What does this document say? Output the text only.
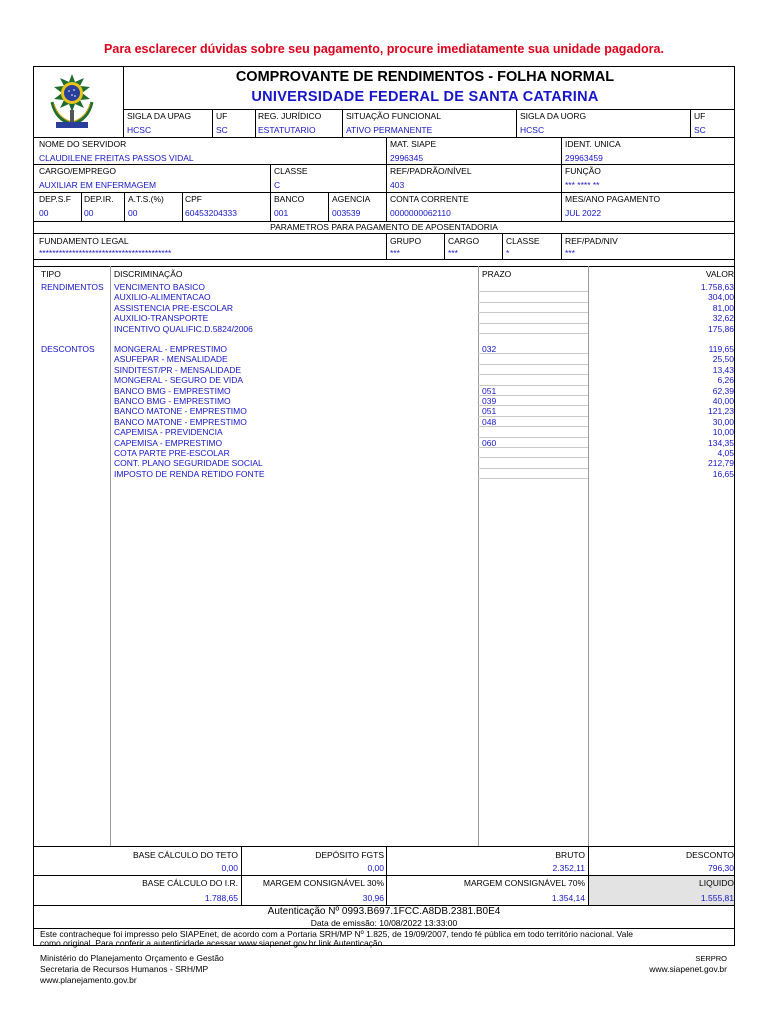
Para esclarecer dúvidas sobre seu pagamento, procure imediatamente sua unidade pagadora.
COMPROVANTE DE RENDIMENTOS - FOLHA NORMAL
UNIVERSIDADE FEDERAL DE SANTA CATARINA
SIGLA DA UPAG
HCSC
UF
SC
REG. JURÍDICO
ESTATUTARIO
SITUAÇÃO FUNCIONAL
ATIVO PERMANENTE
SIGLA DA UORG
HCSC
UF
SC
NOME DO SERVIDOR
CLAUDILENE FREITAS PASSOS VIDAL
MAT. SIAPE
2996345
IDENT. UNICA
29963459
CARGO/EMPREGO
AUXILIAR EM ENFERMAGEM
CLASSE
C
REF/PADRÃO/NÍVEL
403
FUNÇÃO
*** **** **
DEP.S.F
00
DEP.IR.
00
A.T.S.(%)
00
CPF
60453204333
BANCO
001
AGENCIA
003539
CONTA CORRENTE
0000000062110
MES/ANO PAGAMENTO
JUL 2022
PARAMETROS PARA PAGAMENTO DE APOSENTADORIA
FUNDAMENTO LEGAL
****************************************
GRUPO
***
CARGO
***
CLASSE
*
REF/PAD/NIV
***
TIPO	DISCRIMINAÇÃO	PRAZO	VALOR
RENDIMENTOS
DESCONTOS
VENCIMENTO BASICO	1.758,63
AUXILIO-ALIMENTACAO	304,00
ASSISTENCIA PRE-ESCOLAR	81,00
AUXILIO-TRANSPORTE	32,62
INCENTIVO QUALIFIC.D.5824/2006	175,86
MONGERAL - EMPRESTIMO	032	119,65
ASUFEPAR - MENSALIDADE	25,50
SINDITEST/PR - MENSALIDADE	13,43
MONGERAL - SEGURO DE VIDA	6,26
BANCO BMG - EMPRESTIMO	051	62,39
BANCO BMG - EMPRESTIMO	039	40,00
BANCO MATONE - EMPRESTIMO	051	121,23
BANCO MATONE - EMPRESTIMO	048	30,00
CAPEMISA - PREVIDENCIA	10,00
CAPEMISA - EMPRESTIMO	060	134,35
COTA PARTE PRE-ESCOLAR	4,05
CONT. PLANO SEGURIDADE SOCIAL	212,79
IMPOSTO DE RENDA RETIDO FONTE	16,65
BASE CÁLCULO DO TETO
0,00
DEPÓSITO FGTS
0,00
BRUTO
2.352,11
DESCONTO
796,30
BASE CÁLCULO DO I.R.
1.788,65
MARGEM CONSIGNÁVEL 30%
30,96
MARGEM CONSIGNÁVEL 70%
1.354,14
LIQUIDO
1.555,81
Autenticação Nº 0993.B697.1FCC.A8DB.2381.B0E4
Data de emissão: 10/08/2022 13:33:00
Este contracheque foi impresso pelo SIAPEnet, de acordo com a Portaria SRH/MP Nº 1.825, de 19/09/2007, tendo fé pública em todo território nacional. Vale
como original. Para conferir a autenticidade acessar www.siapenet.gov.br link Autenticação.
Ministério do Planejamento Orçamento e Gestão
Secretaria de Recursos Humanos - SRH/MP
www.planejamento.gov.br
SERPRO
www.siapenet.gov.br
